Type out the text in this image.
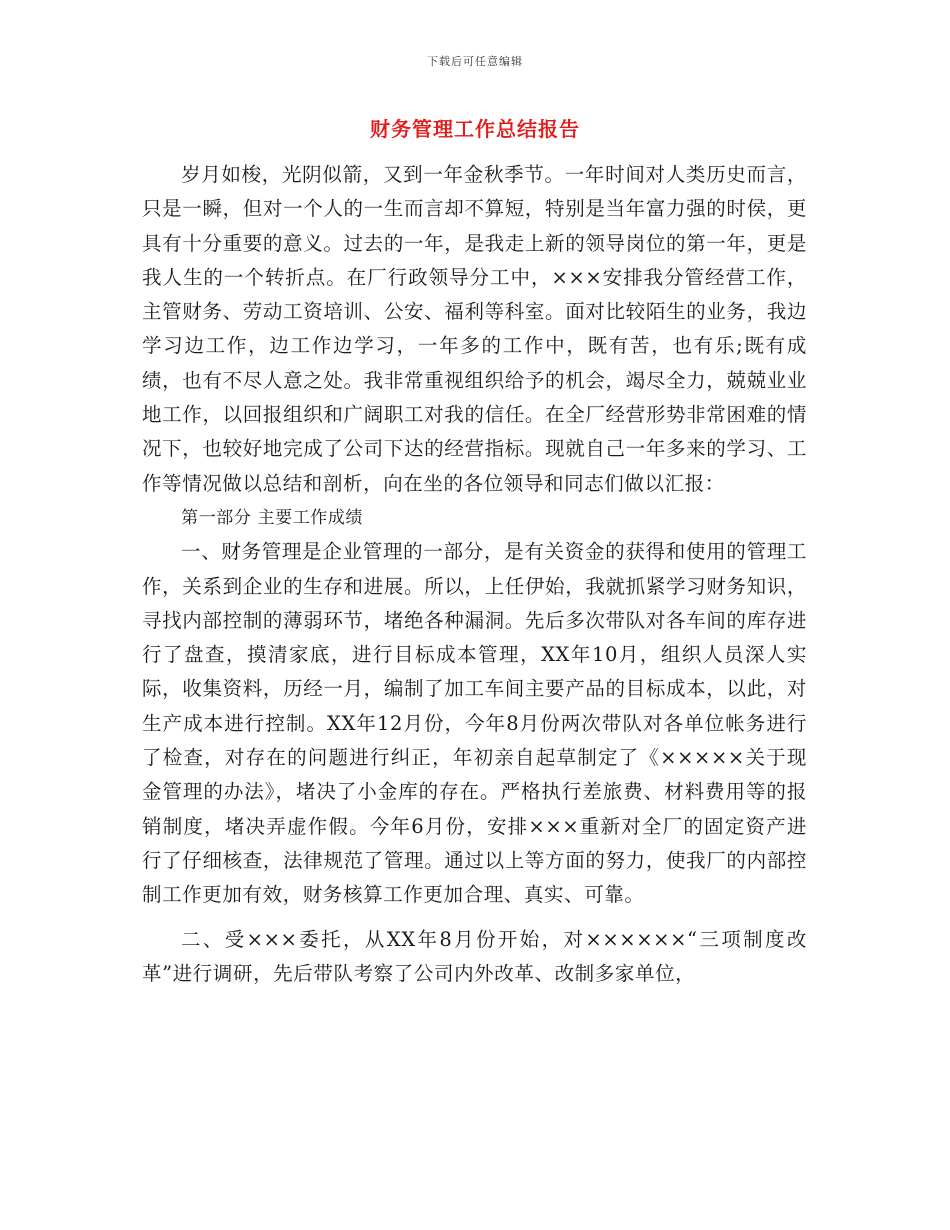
下载后可任意编辑
财务管理工作总结报告

岁月如梭，光阴似箭，又到一年金秋季节。一年时间对人类历史而言，只是一瞬，但对一个人的一生而言却不算短，特别是当年富力强的时侯，更具有十分重要的意义。过去的一年，是我走上新的领导岗位的第一年，更是我人生的一个转折点。在厂行政领导分工中，×××安排我分管经营工作，主管财务、劳动工资培训、公安、福利等科室。面对比较陌生的业务，我边学习边工作，边工作边学习，一年多的工作中，既有苦，也有乐;既有成绩，也有不尽人意之处。我非常重视组织给予的机会，竭尽全力，兢兢业业地工作，以回报组织和广阔职工对我的信任。在全厂经营形势非常困难的情况下，也较好地完成了公司下达的经营指标。现就自己一年多来的学习、工作等情况做以总结和剖析，向在坐的各位领导和同志们做以汇报：

第一部分 主要工作成绩

一、财务管理是企业管理的一部分，是有关资金的获得和使用的管理工作，关系到企业的生存和进展。所以，上任伊始，我就抓紧学习财务知识，寻找内部控制的薄弱环节，堵绝各种漏洞。先后多次带队对各车间的库存进行了盘查，摸清家底，进行目标成本管理，XX年10月，组织人员深人实际，收集资料，历经一月，编制了加工车间主要产品的目标成本，以此，对生产成本进行控制。XX年12月份，今年8月份两次带队对各单位帐务进行了检查，对存在的问题进行纠正，年初亲自起草制定了《×××××关于现金管理的办法》，堵决了小金库的存在。严格执行差旅费、材料费用等的报销制度，堵决弄虚作假。今年6月份，安排×××重新对全厂的固定资产进行了仔细核查，法律规范了管理。通过以上等方面的努力，使我厂的内部控制工作更加有效，财务核算工作更加合理、真实、可靠。

二、受×××委托，从XX年8月份开始，对××××××“三项制度改革”进行调研，先后带队考察了公司内外改革、改制多家单位，
